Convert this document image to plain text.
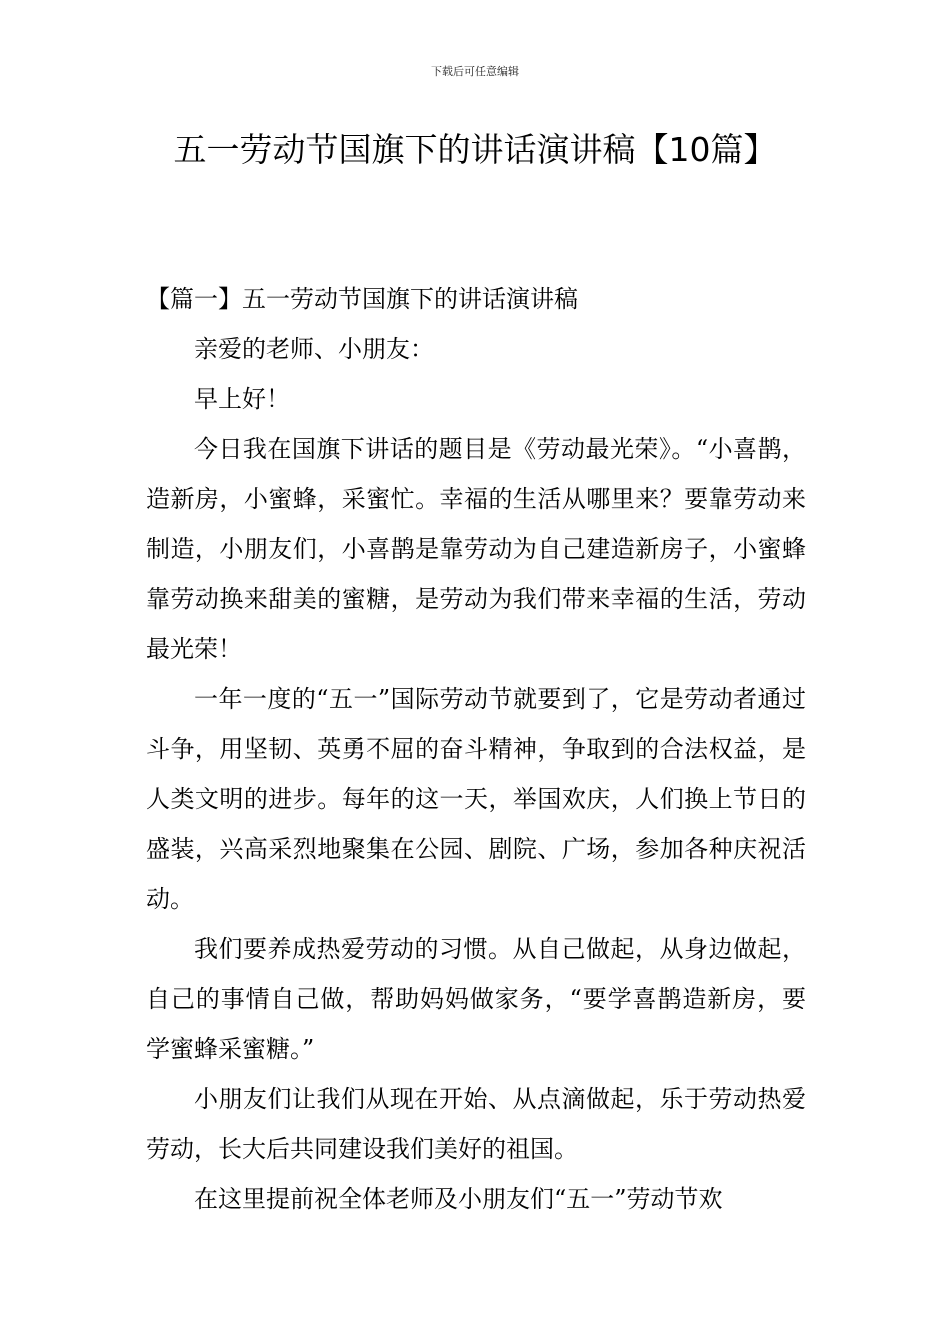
下载后可任意编辑
五一劳动节国旗下的讲话演讲稿【10篇】
【篇一】五一劳动节国旗下的讲话演讲稿

亲爱的老师、小朋友：

早上好！

今日我在国旗下讲话的题目是《劳动最光荣》。“小喜鹊，造新房，小蜜蜂，采蜜忙。幸福的生活从哪里来？要靠劳动来制造，小朋友们，小喜鹊是靠劳动为自己建造新房子，小蜜蜂靠劳动换来甜美的蜜糖，是劳动为我们带来幸福的生活，劳动最光荣！

一年一度的“五一”国际劳动节就要到了，它是劳动者通过斗争，用坚韧、英勇不屈的奋斗精神，争取到的合法权益，是人类文明的进步。每年的这一天，举国欢庆，人们换上节日的盛装，兴高采烈地聚集在公园、剧院、广场，参加各种庆祝活动。

我们要养成热爱劳动的习惯。从自己做起，从身边做起，自己的事情自己做，帮助妈妈做家务，“要学喜鹊造新房，要学蜜蜂采蜜糖。”

小朋友们让我们从现在开始、从点滴做起，乐于劳动热爱劳动，长大后共同建设我们美好的祖国。

在这里提前祝全体老师及小朋友们“五一”劳动节欢
